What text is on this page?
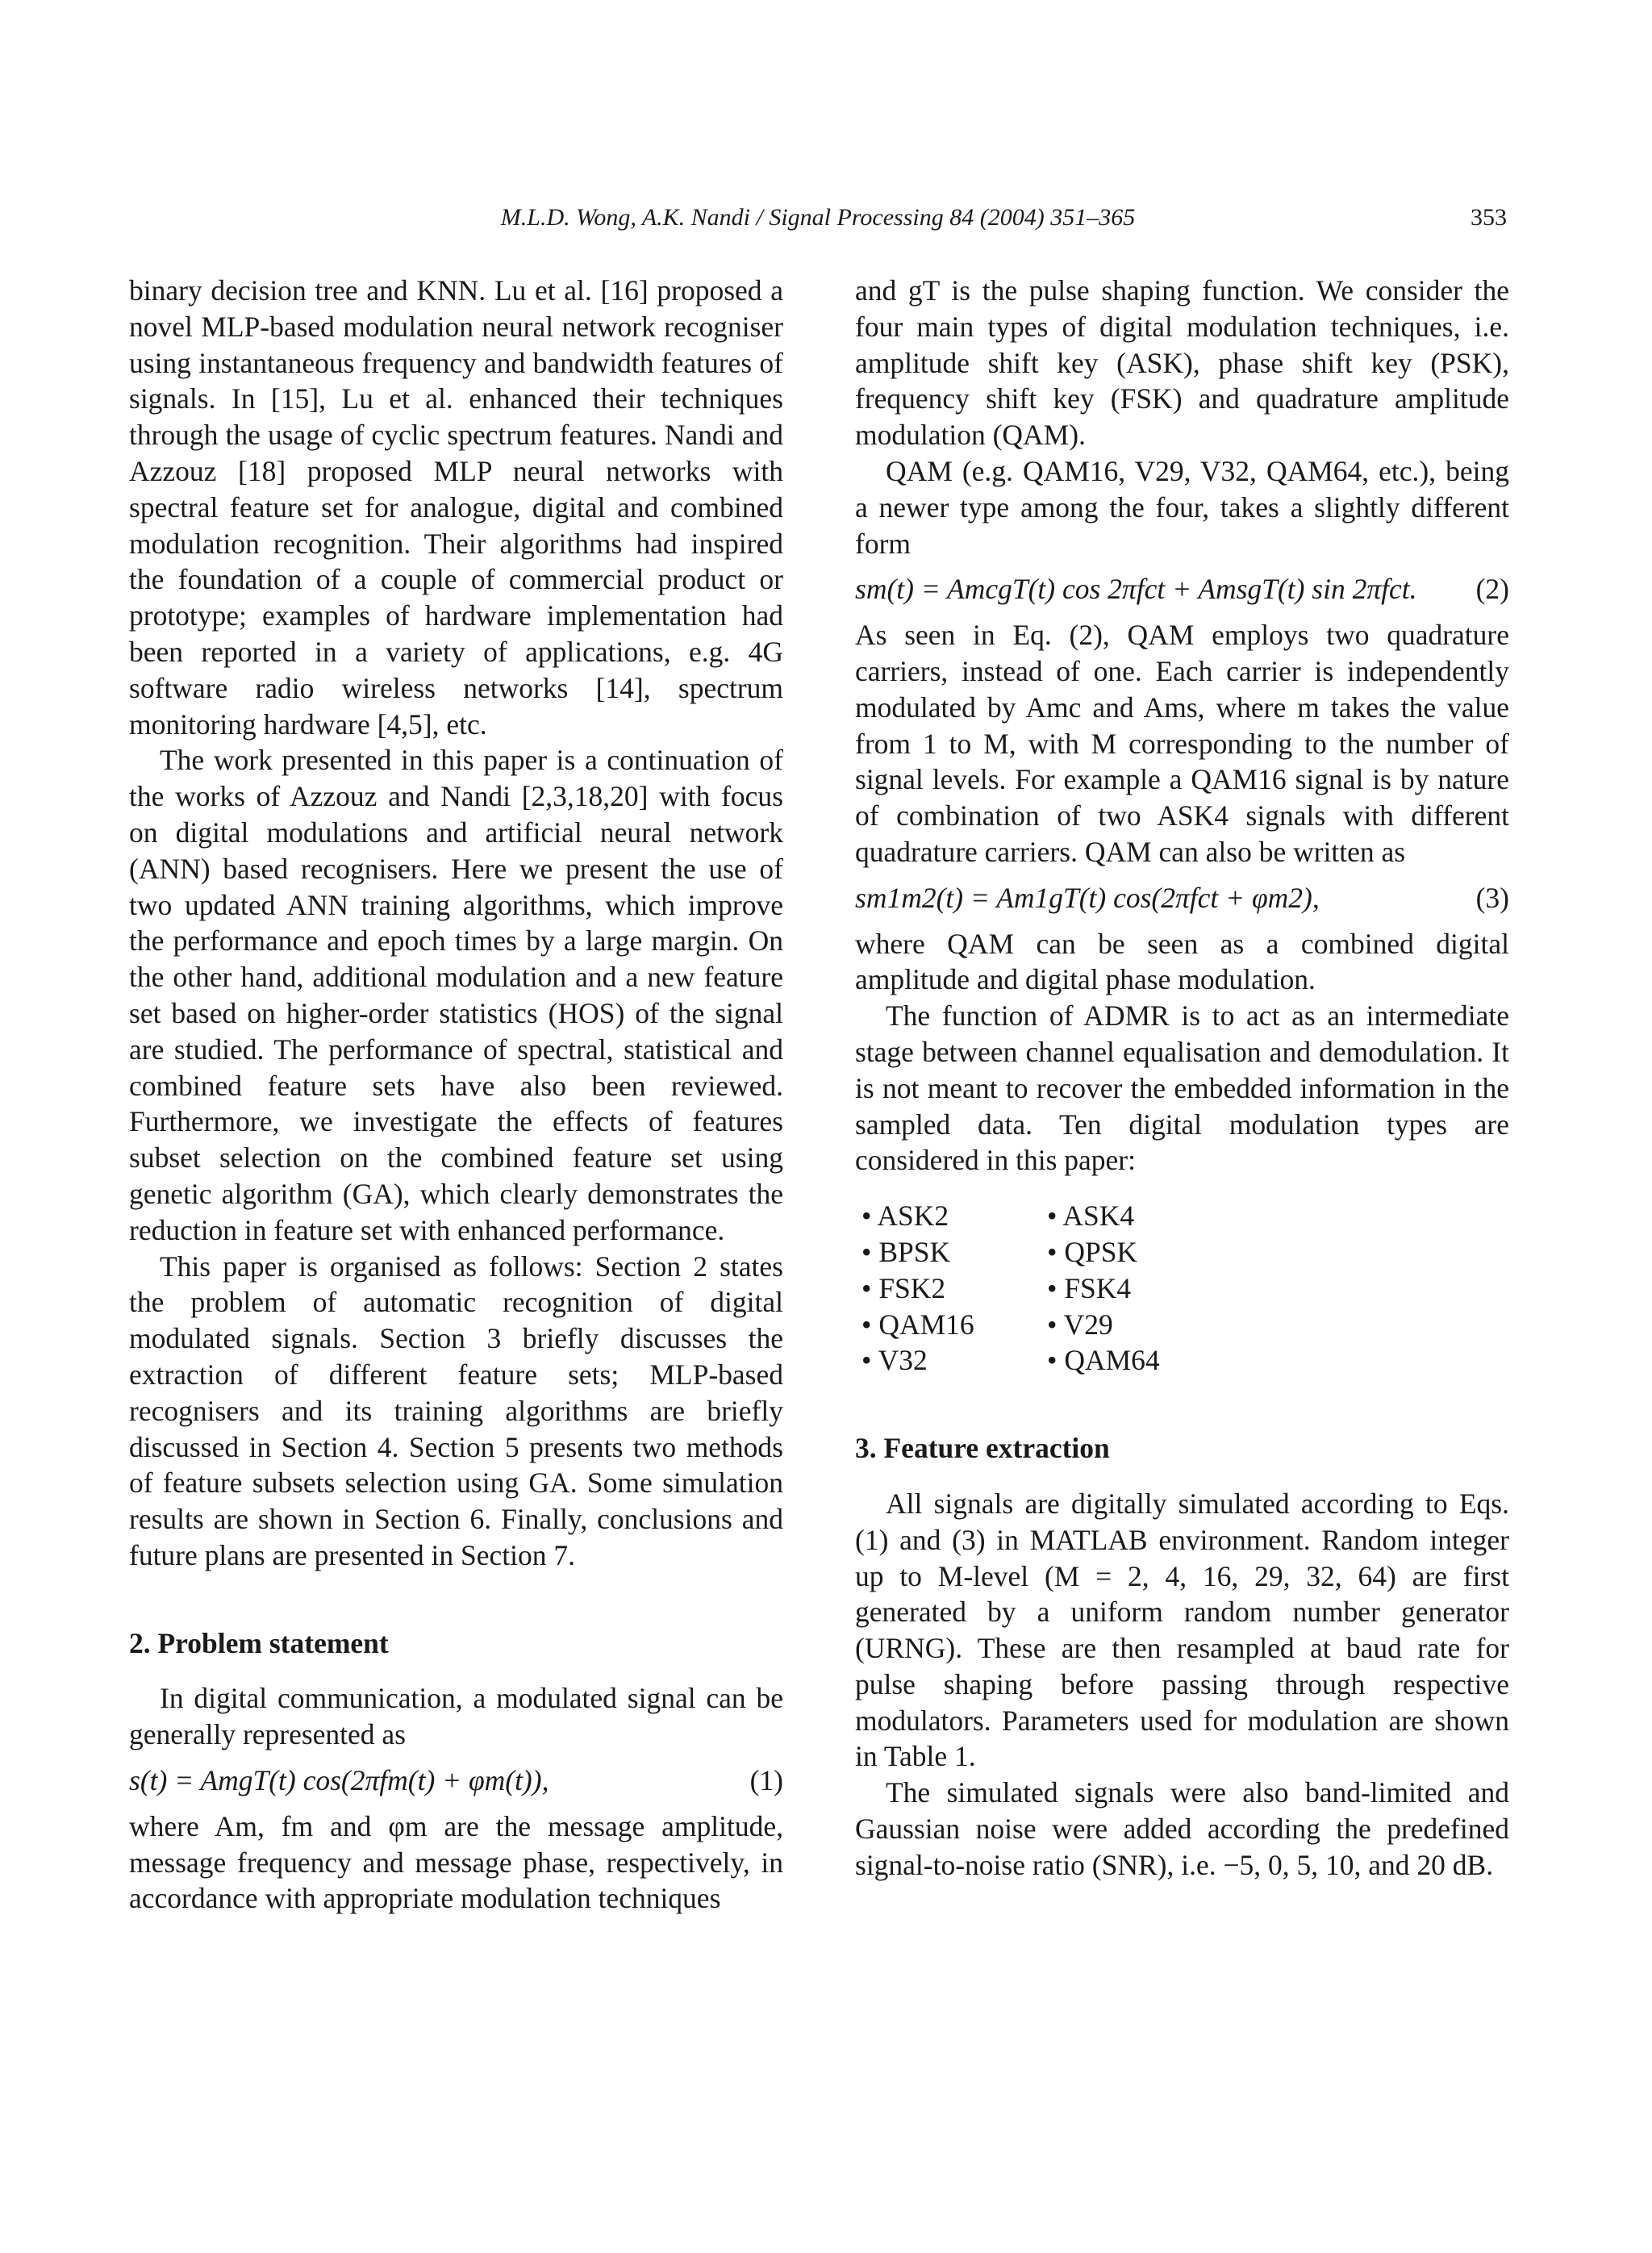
M.L.D. Wong, A.K. Nandi / Signal Processing 84 (2004) 351–365	353

binary decision tree and KNN. Lu et al. [16] proposed a novel MLP-based modulation neural network recogniser using instantaneous frequency and bandwidth features of signals. In [15], Lu et al. enhanced their techniques through the usage of cyclic spectrum features. Nandi and Azzouz [18] proposed MLP neural networks with spectral feature set for analogue, digital and combined modulation recognition. Their algorithms had inspired the foundation of a couple of commercial product or prototype; examples of hardware implementation had been reported in a variety of applications, e.g. 4G software radio wireless networks [14], spectrum monitoring hardware [4,5], etc.

The work presented in this paper is a continuation of the works of Azzouz and Nandi [2,3,18,20] with focus on digital modulations and artificial neural network (ANN) based recognisers. Here we present the use of two updated ANN training algorithms, which improve the performance and epoch times by a large margin. On the other hand, additional modulation and a new feature set based on higher-order statistics (HOS) of the signal are studied. The performance of spectral, statistical and combined feature sets have also been reviewed. Furthermore, we investigate the effects of features subset selection on the combined feature set using genetic algorithm (GA), which clearly demonstrates the reduction in feature set with enhanced performance.

This paper is organised as follows: Section 2 states the problem of automatic recognition of digital modulated signals. Section 3 briefly discusses the extraction of different feature sets; MLP-based recognisers and its training algorithms are briefly discussed in Section 4. Section 5 presents two methods of feature subsets selection using GA. Some simulation results are shown in Section 6. Finally, conclusions and future plans are presented in Section 7.

2. Problem statement

In digital communication, a modulated signal can be generally represented as

s(t) = AmgT(t) cos(2πfm(t) + φm(t)),	(1)

where Am, fm and φm are the message amplitude, message frequency and message phase, respectively, in accordance with appropriate modulation techniques

and gT is the pulse shaping function. We consider the four main types of digital modulation techniques, i.e. amplitude shift key (ASK), phase shift key (PSK), frequency shift key (FSK) and quadrature amplitude modulation (QAM).

QAM (e.g. QAM16, V29, V32, QAM64, etc.), being a newer type among the four, takes a slightly different form

sm(t) = AmcgT(t) cos 2πfct + AmsgT(t) sin 2πfct. (2)

As seen in Eq. (2), QAM employs two quadrature carriers, instead of one. Each carrier is independently modulated by Amc and Ams, where m takes the value from 1 to M, with M corresponding to the number of signal levels. For example a QAM16 signal is by nature of combination of two ASK4 signals with different quadrature carriers. QAM can also be written as

sm1m2(t) = Am1gT(t) cos(2πfct + φm2),	(3)

where QAM can be seen as a combined digital amplitude and digital phase modulation.

The function of ADMR is to act as an intermediate stage between channel equalisation and demodulation. It is not meant to recover the embedded information in the sampled data. Ten digital modulation types are considered in this paper:

• ASK2	• ASK4
• BPSK	• QPSK
• FSK2	• FSK4
• QAM16	• V29
• V32	• QAM64
3. Feature extraction

All signals are digitally simulated according to Eqs. (1) and (3) in MATLAB environment. Random integer up to M-level (M = 2, 4, 16, 29, 32, 64) are first generated by a uniform random number generator (URNG). These are then resampled at baud rate for pulse shaping before passing through respective modulators. Parameters used for modulation are shown in Table 1.

The simulated signals were also band-limited and Gaussian noise were added according the predefined signal-to-noise ratio (SNR), i.e. −5, 0, 5, 10, and 20 dB.
